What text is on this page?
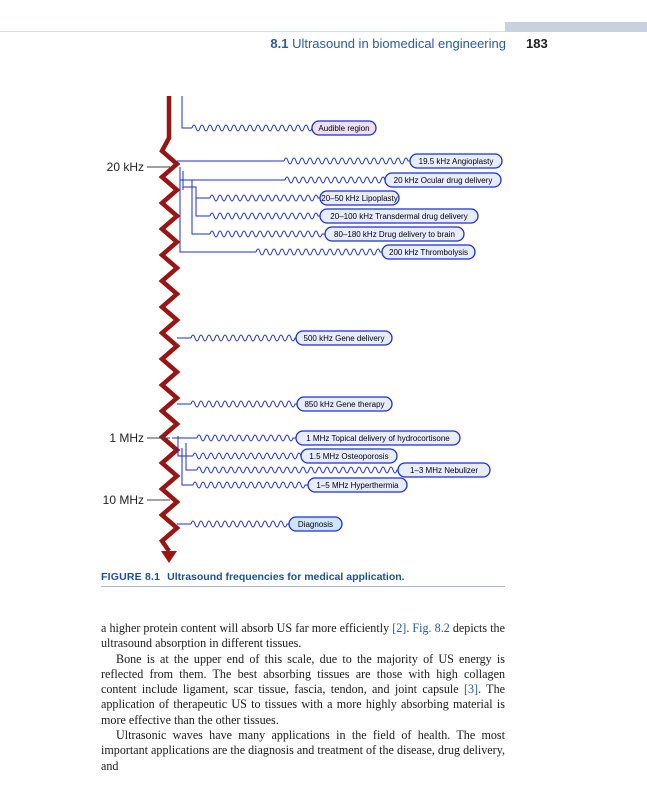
8.1 Ultrasound in biomedical engineering 183
20 kHz
1 MHz
10 MHz
Audible region
19.5 kHz Angioplasty
20 kHz Ocular drug delivery
20–50 kHz Lipoplasty
20–100 kHz Transdermal drug delivery
80–180 kHz Drug delivery to brain
200 kHz Thrombolysis
500 kHz Gene delivery
850 kHz Gene therapy
1 MHz Topical delivery of hydrocortisone
1.5 MHz Osteoporosis
1–3 MHz Nebulizer
1–5 MHz Hyperthermia
Diagnosis
FIGURE 8.1 Ultrasound frequencies for medical application.

a higher protein content will absorb US far more efficiently [2]. Fig. 8.2 depicts the ultrasound absorption in different tissues.

Bone is at the upper end of this scale, due to the majority of US energy is reflected from them. The best absorbing tissues are those with high collagen content include ligament, scar tissue, fascia, tendon, and joint capsule [3]. The application of therapeutic US to tissues with a more highly absorbing material is more effective than the other tissues.

Ultrasonic waves have many applications in the field of health. The most important applications are the diagnosis and treatment of the disease, drug delivery, and
